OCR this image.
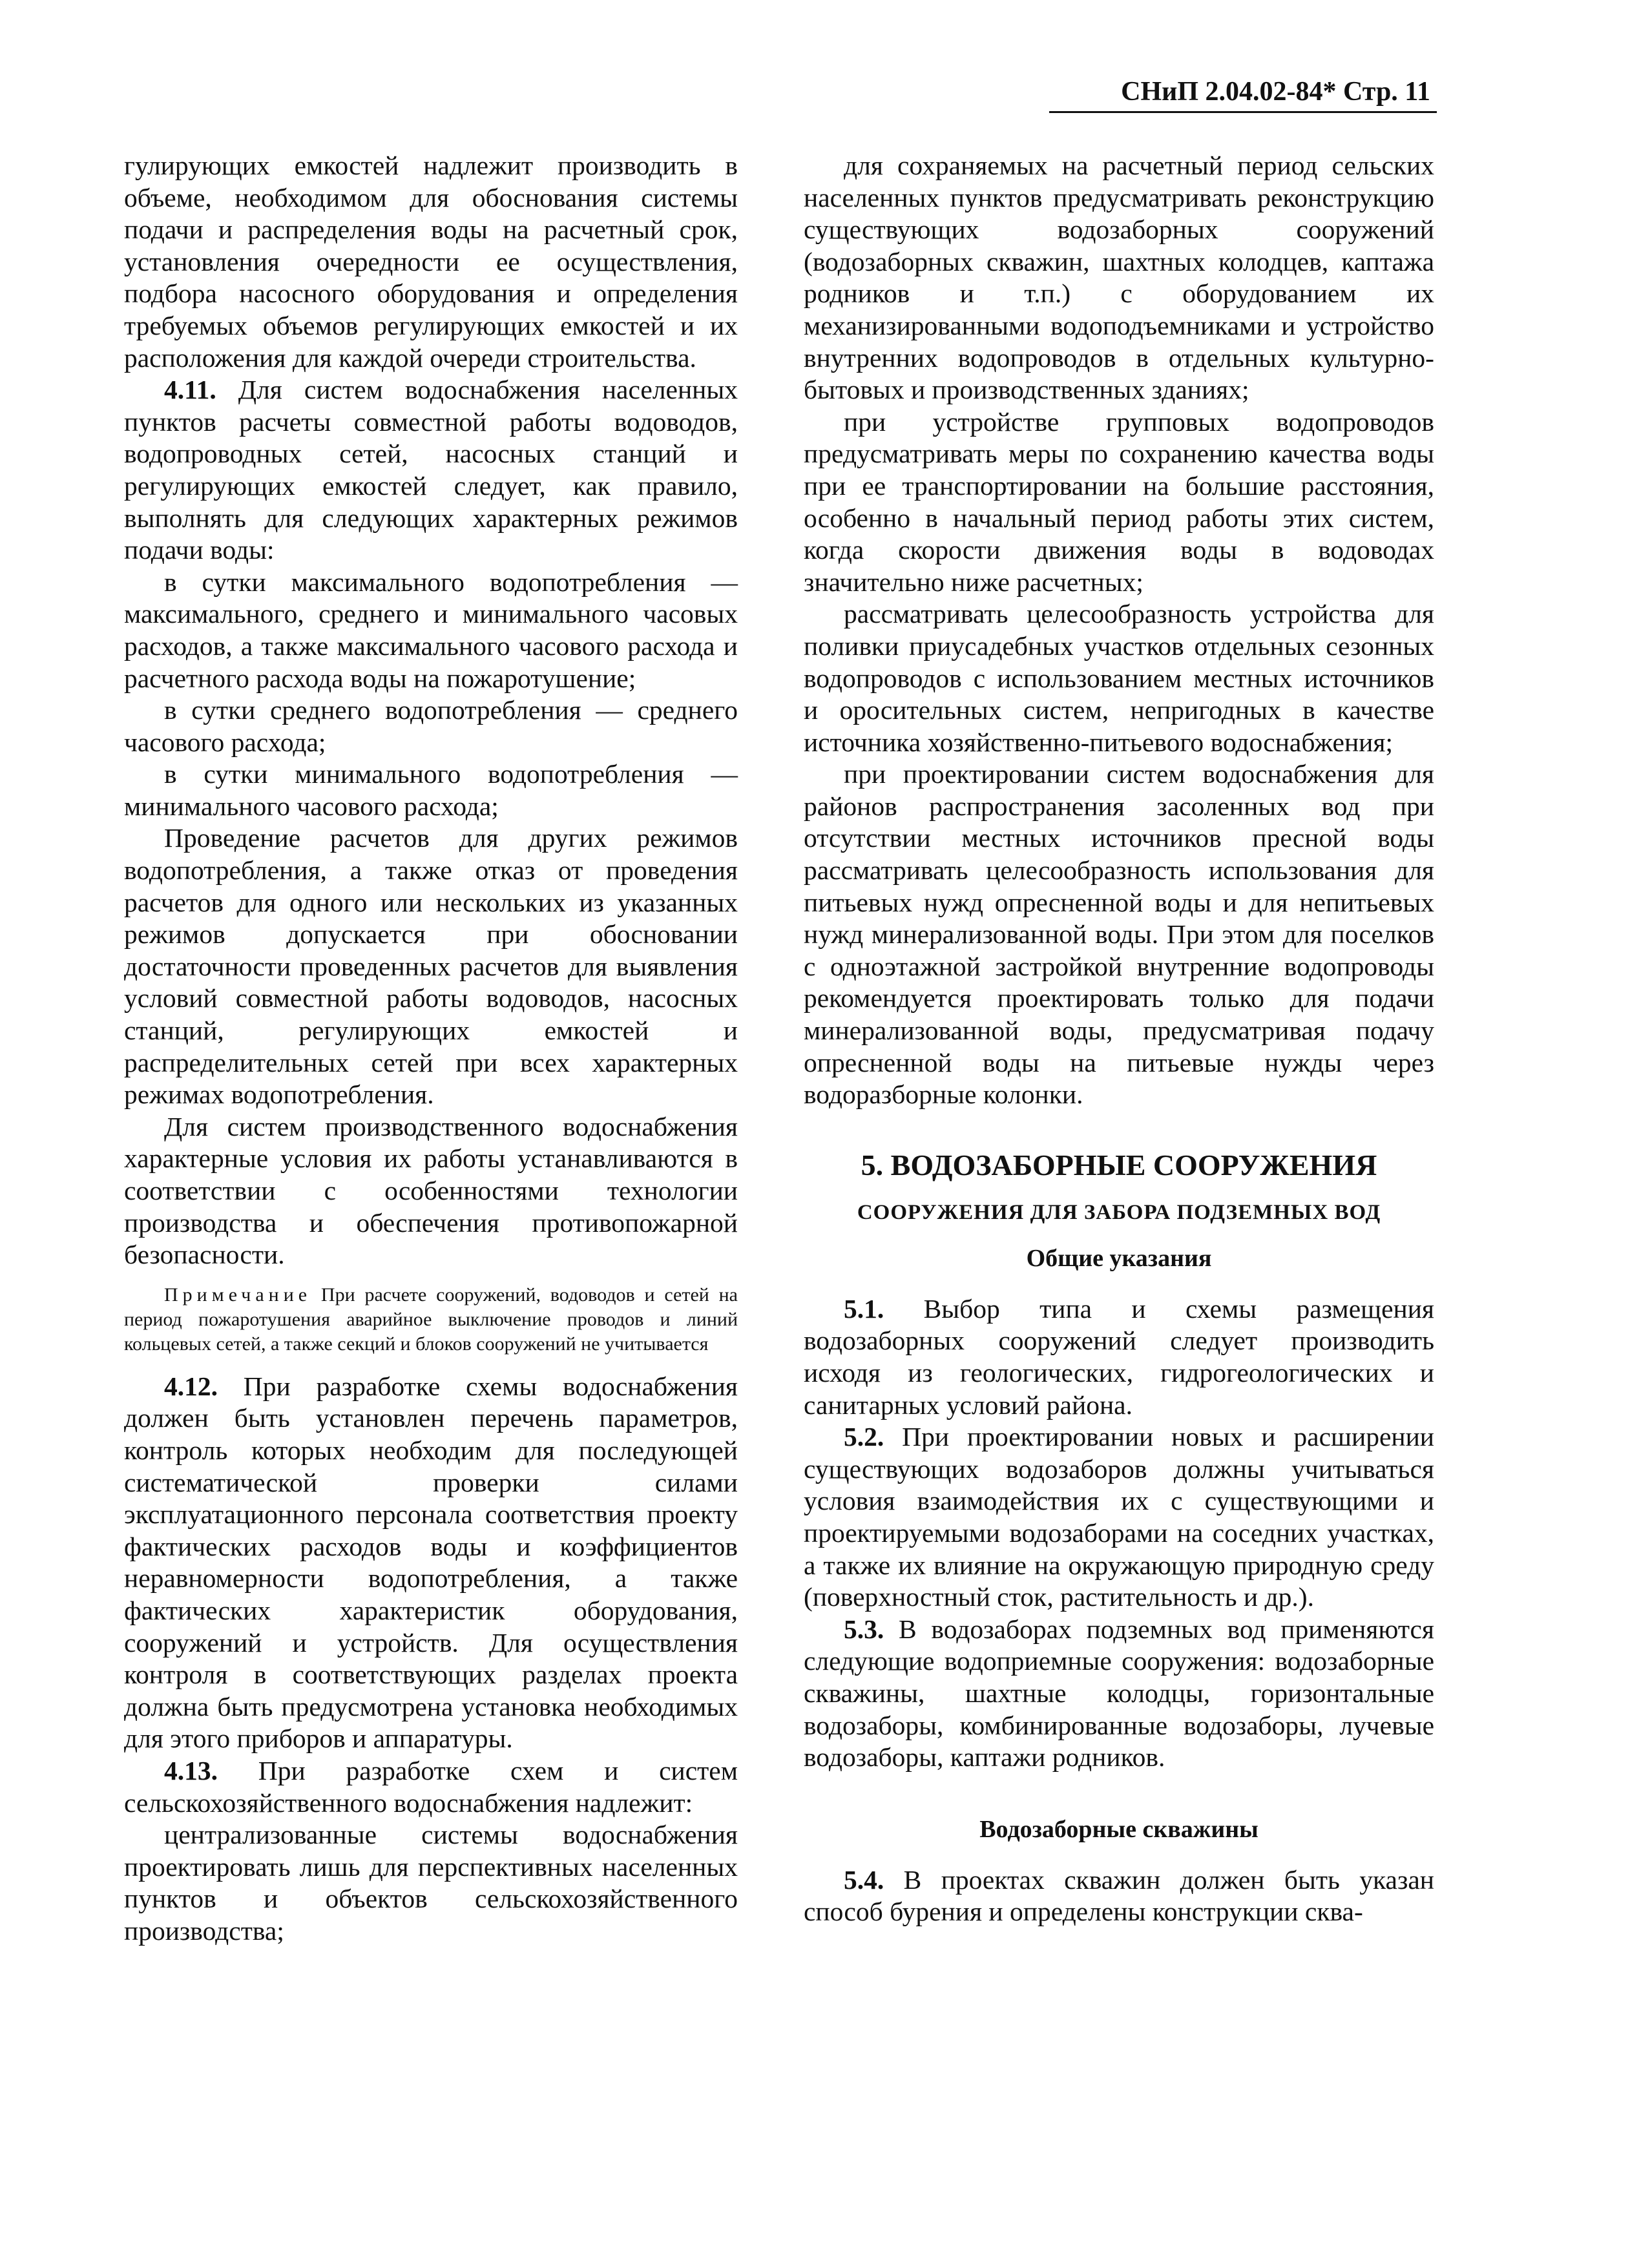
СНиП 2.04.02-84* Стр. 11

гулирующих емкостей надлежит производить в объеме, необходимом для обоснования системы подачи и распределения воды на расчетный срок, установления очередности ее осуществления, подбора насосного оборудования и определения требуемых объемов регулирующих емкостей и их расположения для каждой очереди строительства.

4.11. Для систем водоснабжения населенных пунктов расчеты совместной работы водоводов, водопроводных сетей, насосных станций и регулирующих емкостей следует, как правило, выполнять для следующих характерных режимов подачи воды:

в сутки максимального водопотребления — максимального, среднего и минимального часовых расходов, а также максимального часового расхода и расчетного расхода воды на пожаротушение;

в сутки среднего водопотребления — среднего часового расхода;

в сутки минимального водопотребления — минимального часового расхода;

Проведение расчетов для других режимов водопотребления, а также отказ от проведения расчетов для одного или нескольких из указанных режимов допускается при обосновании достаточности проведенных расчетов для выявления условий совместной работы водоводов, насосных станций, регулирующих емкостей и распределительных сетей при всех характерных режимах водопотребления.

Для систем производственного водоснабжения характерные условия их работы устанавливаются в соответствии с особенностями технологии производства и обеспечения противопожарной безопасности.

Примечание При расчете сооружений, водоводов и сетей на период пожаротушения аварийное выключение проводов и линий кольцевых сетей, а также секций и блоков сооружений не учитывается

4.12. При разработке схемы водоснабжения должен быть установлен перечень параметров, контроль которых необходим для последующей систематической проверки силами эксплуатационного персонала соответствия проекту фактических расходов воды и коэффициентов неравномерности водопотребления, а также фактических характеристик оборудования, сооружений и устройств. Для осуществления контроля в соответствующих разделах проекта должна быть предусмотрена установка необходимых для этого приборов и аппаратуры.

4.13. При разработке схем и систем сельскохозяйственного водоснабжения надлежит:

централизованные системы водоснабжения проектировать лишь для перспективных населенных пунктов и объектов сельскохозяйственного производства;

для сохраняемых на расчетный период сельских населенных пунктов предусматривать реконструкцию существующих водозаборных сооружений (водозаборных скважин, шахтных колодцев, каптажа родников и т.п.) с оборудованием их механизированными водоподъемниками и устройство внутренних водопроводов в отдельных культурно-бытовых и производственных зданиях;

при устройстве групповых водопроводов предусматривать меры по сохранению качества воды при ее транспортировании на большие расстояния, особенно в начальный период работы этих систем, когда скорости движения воды в водоводах значительно ниже расчетных;

рассматривать целесообразность устройства для поливки приусадебных участков отдельных сезонных водопроводов с использованием местных источников и оросительных систем, непригодных в качестве источника хозяйственно-питьевого водоснабжения;

при проектировании систем водоснабжения для районов распространения засоленных вод при отсутствии местных источников пресной воды рассматривать целесообразность использования для питьевых нужд опресненной воды и для непитьевых нужд минерализованной воды. При этом для поселков с одноэтажной застройкой внутренние водопроводы рекомендуется проектировать только для подачи минерализованной воды, предусматривая подачу опресненной воды на питьевые нужды через водоразборные колонки.

5. ВОДОЗАБОРНЫЕ СООРУЖЕНИЯ
СООРУЖЕНИЯ ДЛЯ ЗАБОРА ПОДЗЕМНЫХ ВОД
Общие указания

5.1. Выбор типа и схемы размещения водозаборных сооружений следует производить исходя из геологических, гидрогеологических и санитарных условий района.

5.2. При проектировании новых и расширении существующих водозаборов должны учитываться условия взаимодействия их с существующими и проектируемыми водозаборами на соседних участках, а также их влияние на окружающую природную среду (поверхностный сток, растительность и др.).

5.3. В водозаборах подземных вод применяются следующие водоприемные сооружения: водозаборные скважины, шахтные колодцы, горизонтальные водозаборы, комбинированные водозаборы, лучевые водозаборы, каптажи родников.

Водозаборные скважины

5.4. В проектах скважин должен быть указан способ бурения и определены конструкции сква-
